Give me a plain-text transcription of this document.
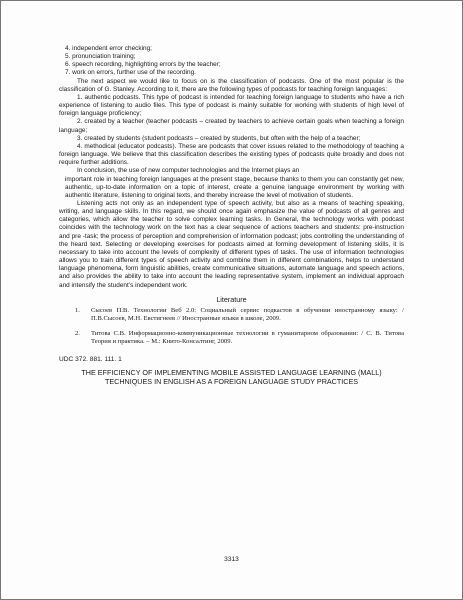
4. independent error checking;
5. pronunciation training;
6. speech recording, highlighting errors by the teacher;
7. work on errors, further use of the recording.

The next aspect we would like to focus on is the classification of podcasts. One of the most popular is the classification of G. Stanley. According to it, there are the following types of podcasts for teaching foreign languages:

1. authentic podcasts. This type of podcast is intended for teaching foreign language to students who have a rich experience of listening to audio files. This type of podcast is mainly suitable for working with students of high level of foreign language proficiency;

2. created by a teacher (teacher podcasts – created by teachers to achieve certain goals when teaching a foreign language;

3. created by students (student podcasts – created by students, but often with the help of a teacher;

4. methodical (educator podcasts). These are podcasts that cover issues related to the methodology of teaching a foreign language. We believe that this classification describes the existing types of podcasts quite broadly and does not require further additions.

In conclusion, the use of new computer technologies and the Internet plays an

important role in teaching foreign languages at the present stage, because thanks to them you can constantly get new, authentic, up-to-date information on a topic of interest, create a genuine language environment by working with authentic literature, listening to original texts, and thereby increase the level of motivation of students.

Listening acts not only as an independent type of speech activity, but also as a means of teaching speaking, writing, and language skills. In this regard, we should once again emphasize the value of podcasts of all genres and categories, which allow the teacher to solve complex learning tasks. In General, the technology works with podcast coincides with the technology work on the text has a clear sequence of actions teachers and students: pre-instruction and pre -task; the process of perception and comprehension of information podcast; jobs controlling the understanding of the heard text. Selecting or developing exercises for podcasts aimed at forming development of listening skills, it is necessary to take into account the levels of complexity of different types of tasks. The use of information technologies allows you to train different types of speech activity and combine them in different combinations, helps to understand language phenomena, form linguistic abilities, create communicative situations, automate language and speech actions, and also provides the ability to take into account the leading representative system, implement an individual approach and intensify the student’s independent work.

Literature
1.	Сысоев П.В. Технологии Веб 2.0: Социальный сервис подкастов в обучении иностранному языку: /П.В.Сысоев, М.Н. Евстигнеев // Иностранные языки в школе, 2009.
2.	Титова С.В. Информационно-коммуникационные технологии в гуманитарном образовании: / С. В. Титова Теория и практика. – М.: Книто-Консалтинг, 2009.
UDC 372. 881. 111. 1
THE EFFICIENCY OF IMPLEMENTING MOBILE ASSISTED LANGUAGE LEARNING (MALL) TECHNIQUES IN ENGLISH AS A FOREIGN LANGUAGE STUDY PRACTICES
3313
